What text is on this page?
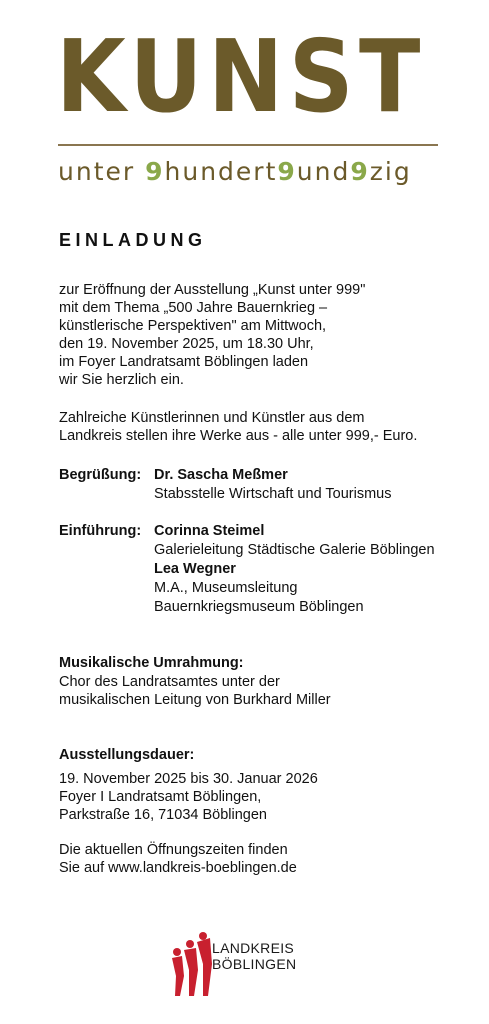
KUNST
unter 9hundert9und9zig
EINLADUNG
zur Eröffnung der Ausstellung „Kunst unter 999"
mit dem Thema „500 Jahre Bauernkrieg –
künstlerische Perspektiven" am Mittwoch,
den 19. November 2025, um 18.30 Uhr,
im Foyer Landratsamt Böblingen laden
wir Sie herzlich ein.
Zahlreiche Künstlerinnen und Künstler aus dem
Landkreis stellen ihre Werke aus - alle unter 999,- Euro.
Begrüßung: Dr. Sascha Meßmer
Stabsstelle Wirtschaft und Tourismus
Einführung: Corinna Steimel
Galerieleitung Städtische Galerie Böblingen
Lea Wegner
M.A., Museumsleitung
Bauernkriegsmuseum Böblingen
Musikalische Umrahmung:
Chor des Landratsamtes unter der
musikalischen Leitung von Burkhard Miller
Ausstellungsdauer:
19. November 2025 bis 30. Januar 2026
Foyer I Landratsamt Böblingen,
Parkstraße 16, 71034 Böblingen
Die aktuellen Öffnungszeiten finden
Sie auf www.landkreis-boeblingen.de
LANDKREIS
BÖBLINGEN
